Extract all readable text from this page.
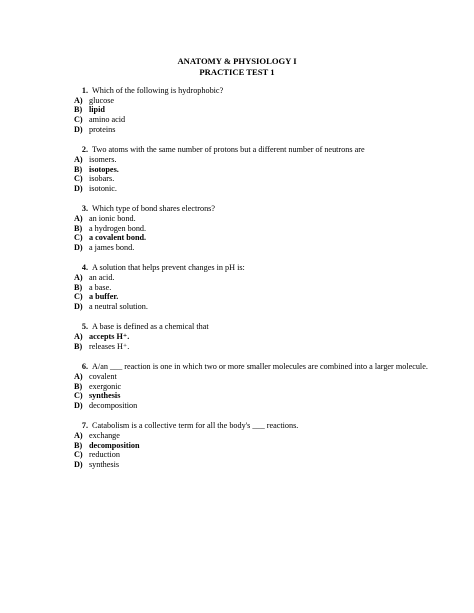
ANATOMY & PHYSIOLOGY I
PRACTICE TEST 1
1. Which of the following is hydrophobic?
A) glucose
B) lipid
C) amino acid
D) proteins
2. Two atoms with the same number of protons but a different number of neutrons are
A) isomers.
B) isotopes.
C) isobars.
D) isotonic.
3. Which type of bond shares electrons?
A) an ionic bond.
B) a hydrogen bond.
C) a covalent bond.
D) a james bond.
4. A solution that helps prevent changes in pH is:
A) an acid.
B) a base.
C) a buffer.
D) a neutral solution.
5. A base is defined as a chemical that
A) accepts H⁺.
B) releases H⁺.
6. A/an ___ reaction is one in which two or more smaller molecules are combined into a larger molecule.
A) covalent
B) exergonic
C) synthesis
D) decomposition
7. Catabolism is a collective term for all the body's ___ reactions.
A) exchange
B) decomposition
C) reduction
D) synthesis
